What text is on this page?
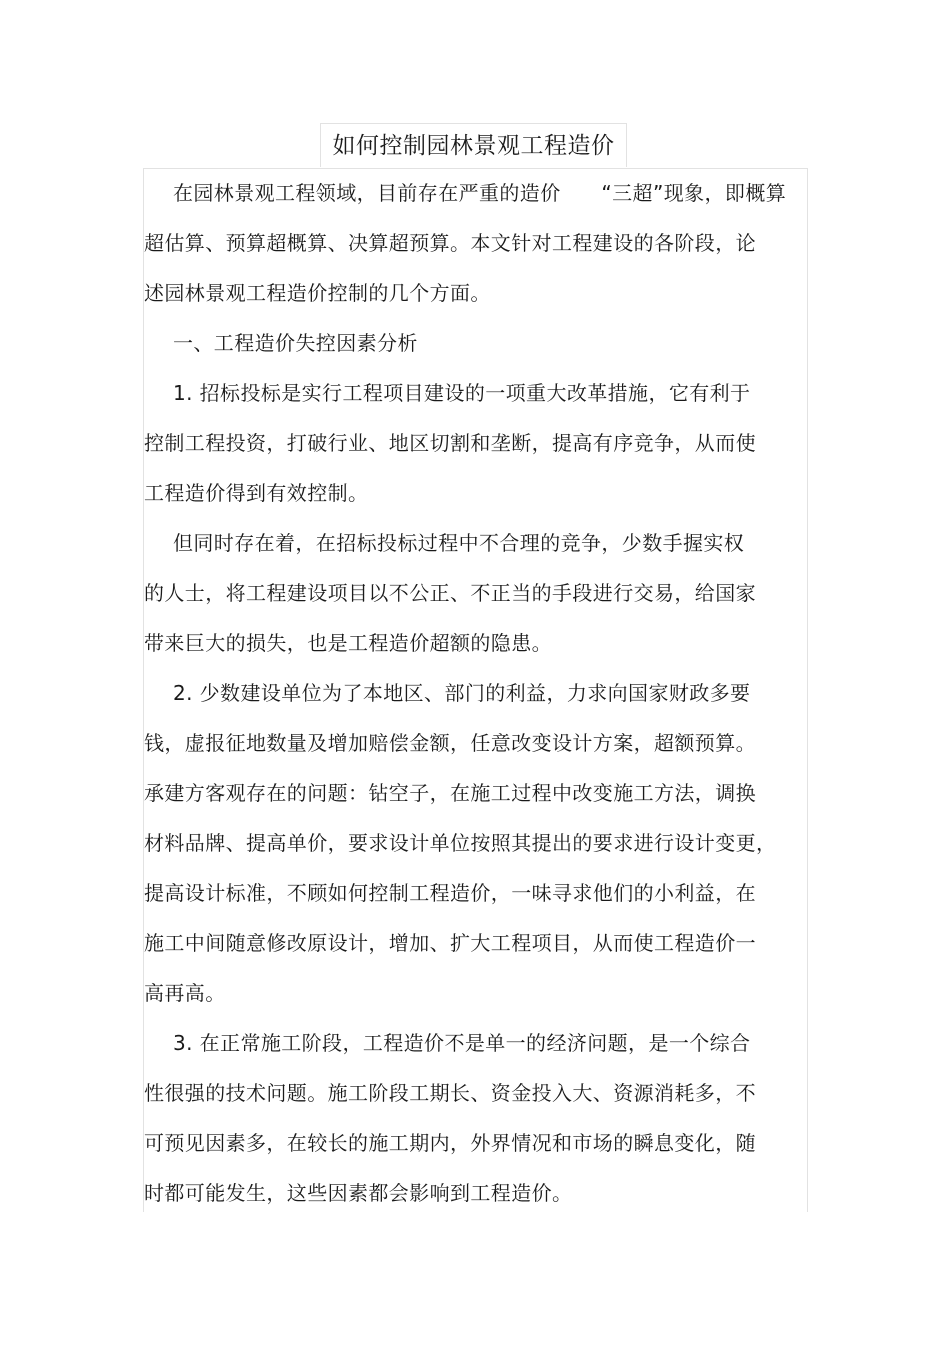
如何控制园林景观工程造价
在园林景观工程领域，目前存在严重的造价　　“三超”现象，即概算
超估算、预算超概算、决算超预算。本文针对工程建设的各阶段，论
述园林景观工程造价控制的几个方面。
一、工程造价失控因素分析
1. 招标投标是实行工程项目建设的一项重大改革措施，它有利于
控制工程投资，打破行业、地区切割和垄断，提高有序竞争，从而使
工程造价得到有效控制。
但同时存在着，在招标投标过程中不合理的竞争，少数手握实权
的人士，将工程建设项目以不公正、不正当的手段进行交易，给国家
带来巨大的损失，也是工程造价超额的隐患。
2. 少数建设单位为了本地区、部门的利益，力求向国家财政多要
钱，虚报征地数量及增加赔偿金额，任意改变设计方案，超额预算。
承建方客观存在的问题：钻空子，在施工过程中改变施工方法，调换
材料品牌、提高单价，要求设计单位按照其提出的要求进行设计变更，
提高设计标准，不顾如何控制工程造价，一味寻求他们的小利益，在
施工中间随意修改原设计，增加、扩大工程项目，从而使工程造价一
高再高。
3. 在正常施工阶段，工程造价不是单一的经济问题，是一个综合
性很强的技术问题。施工阶段工期长、资金投入大、资源消耗多，不
可预见因素多，在较长的施工期内，外界情况和市场的瞬息变化，随
时都可能发生，这些因素都会影响到工程造价。
